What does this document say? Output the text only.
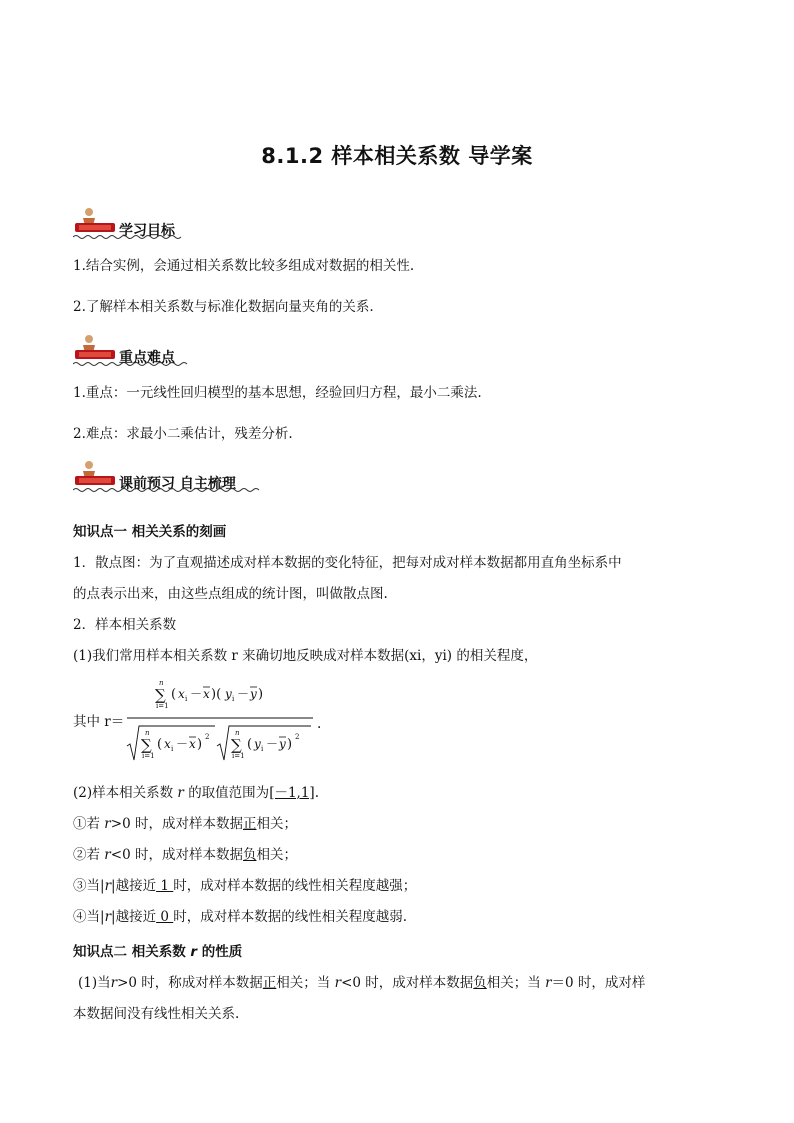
8.1.2 样本相关系数 导学案
学习目标
1.结合实例，会通过相关系数比较多组成对数据的相关性.
2.了解样本相关系数与标准化数据向量夹角的关系.
重点难点
1.重点：一元线性回归模型的基本思想，经验回归方程，最小二乘法.
2.难点：求最小二乘估计，残差分析.
课前预习 自主梳理
知识点一 相关关系的刻画
1．散点图：为了直观描述成对样本数据的变化特征，把每对成对样本数据都用直角坐标系中
的点表示出来，由这些点组成的统计图，叫做散点图.
2．样本相关系数
(1)我们常用样本相关系数 r 来确切地反映成对样本数据(xi，yi) 的相关程度，
其中 r＝
∑
n
i=1
( x i － x )( y i － y )
∑
n
i=1
( x i － x ) 2 ∑
n
i=1
( y i － y ) 2
.
(2)样本相关系数 r 的取值范围为[－1,1].
①若 r>0 时，成对样本数据正相关；
②若 r<0 时，成对样本数据负相关；
③当|r|越接近 1 时，成对样本数据的线性相关程度越强；
④当|r|越接近 0 时，成对样本数据的线性相关程度越弱.
知识点二 相关系数 r 的性质
(1)当r>0 时，称成对样本数据正相关；当 r<0 时，成对样本数据负相关；当 r＝0 时，成对样
本数据间没有线性相关关系.
